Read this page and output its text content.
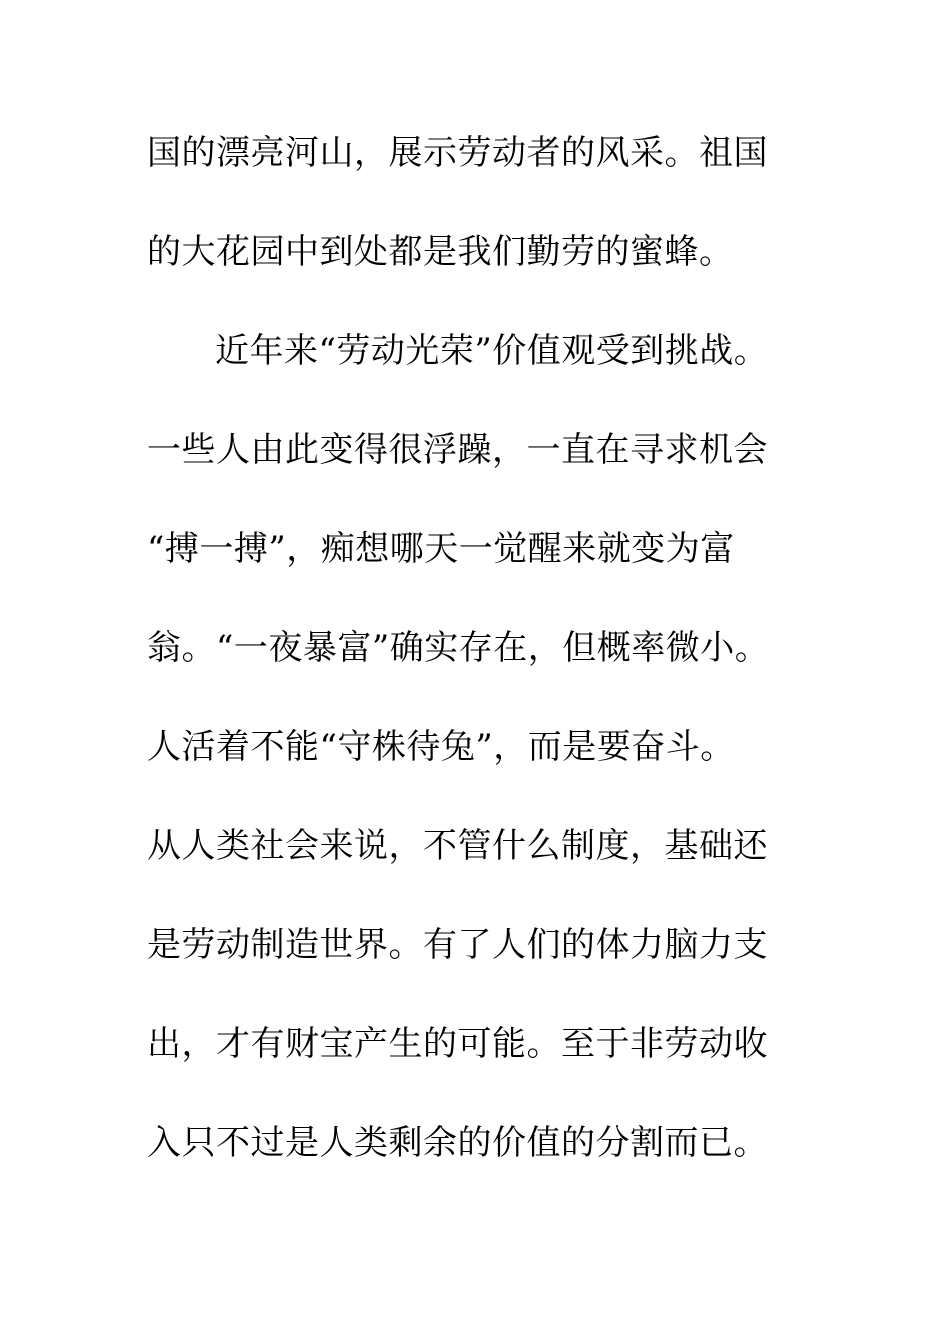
国的漂亮河山，展示劳动者的风采。祖国
的大花园中到处都是我们勤劳的蜜蜂。
近年来“劳动光荣”价值观受到挑战。
一些人由此变得很浮躁，一直在寻求机会
“搏一搏”，痴想哪天一觉醒来就变为富
翁。“一夜暴富”确实存在，但概率微小。
人活着不能“守株待兔”，而是要奋斗。
从人类社会来说，不管什么制度，基础还
是劳动制造世界。有了人们的体力脑力支
出，才有财宝产生的可能。至于非劳动收
入只不过是人类剩余的价值的分割而已。
